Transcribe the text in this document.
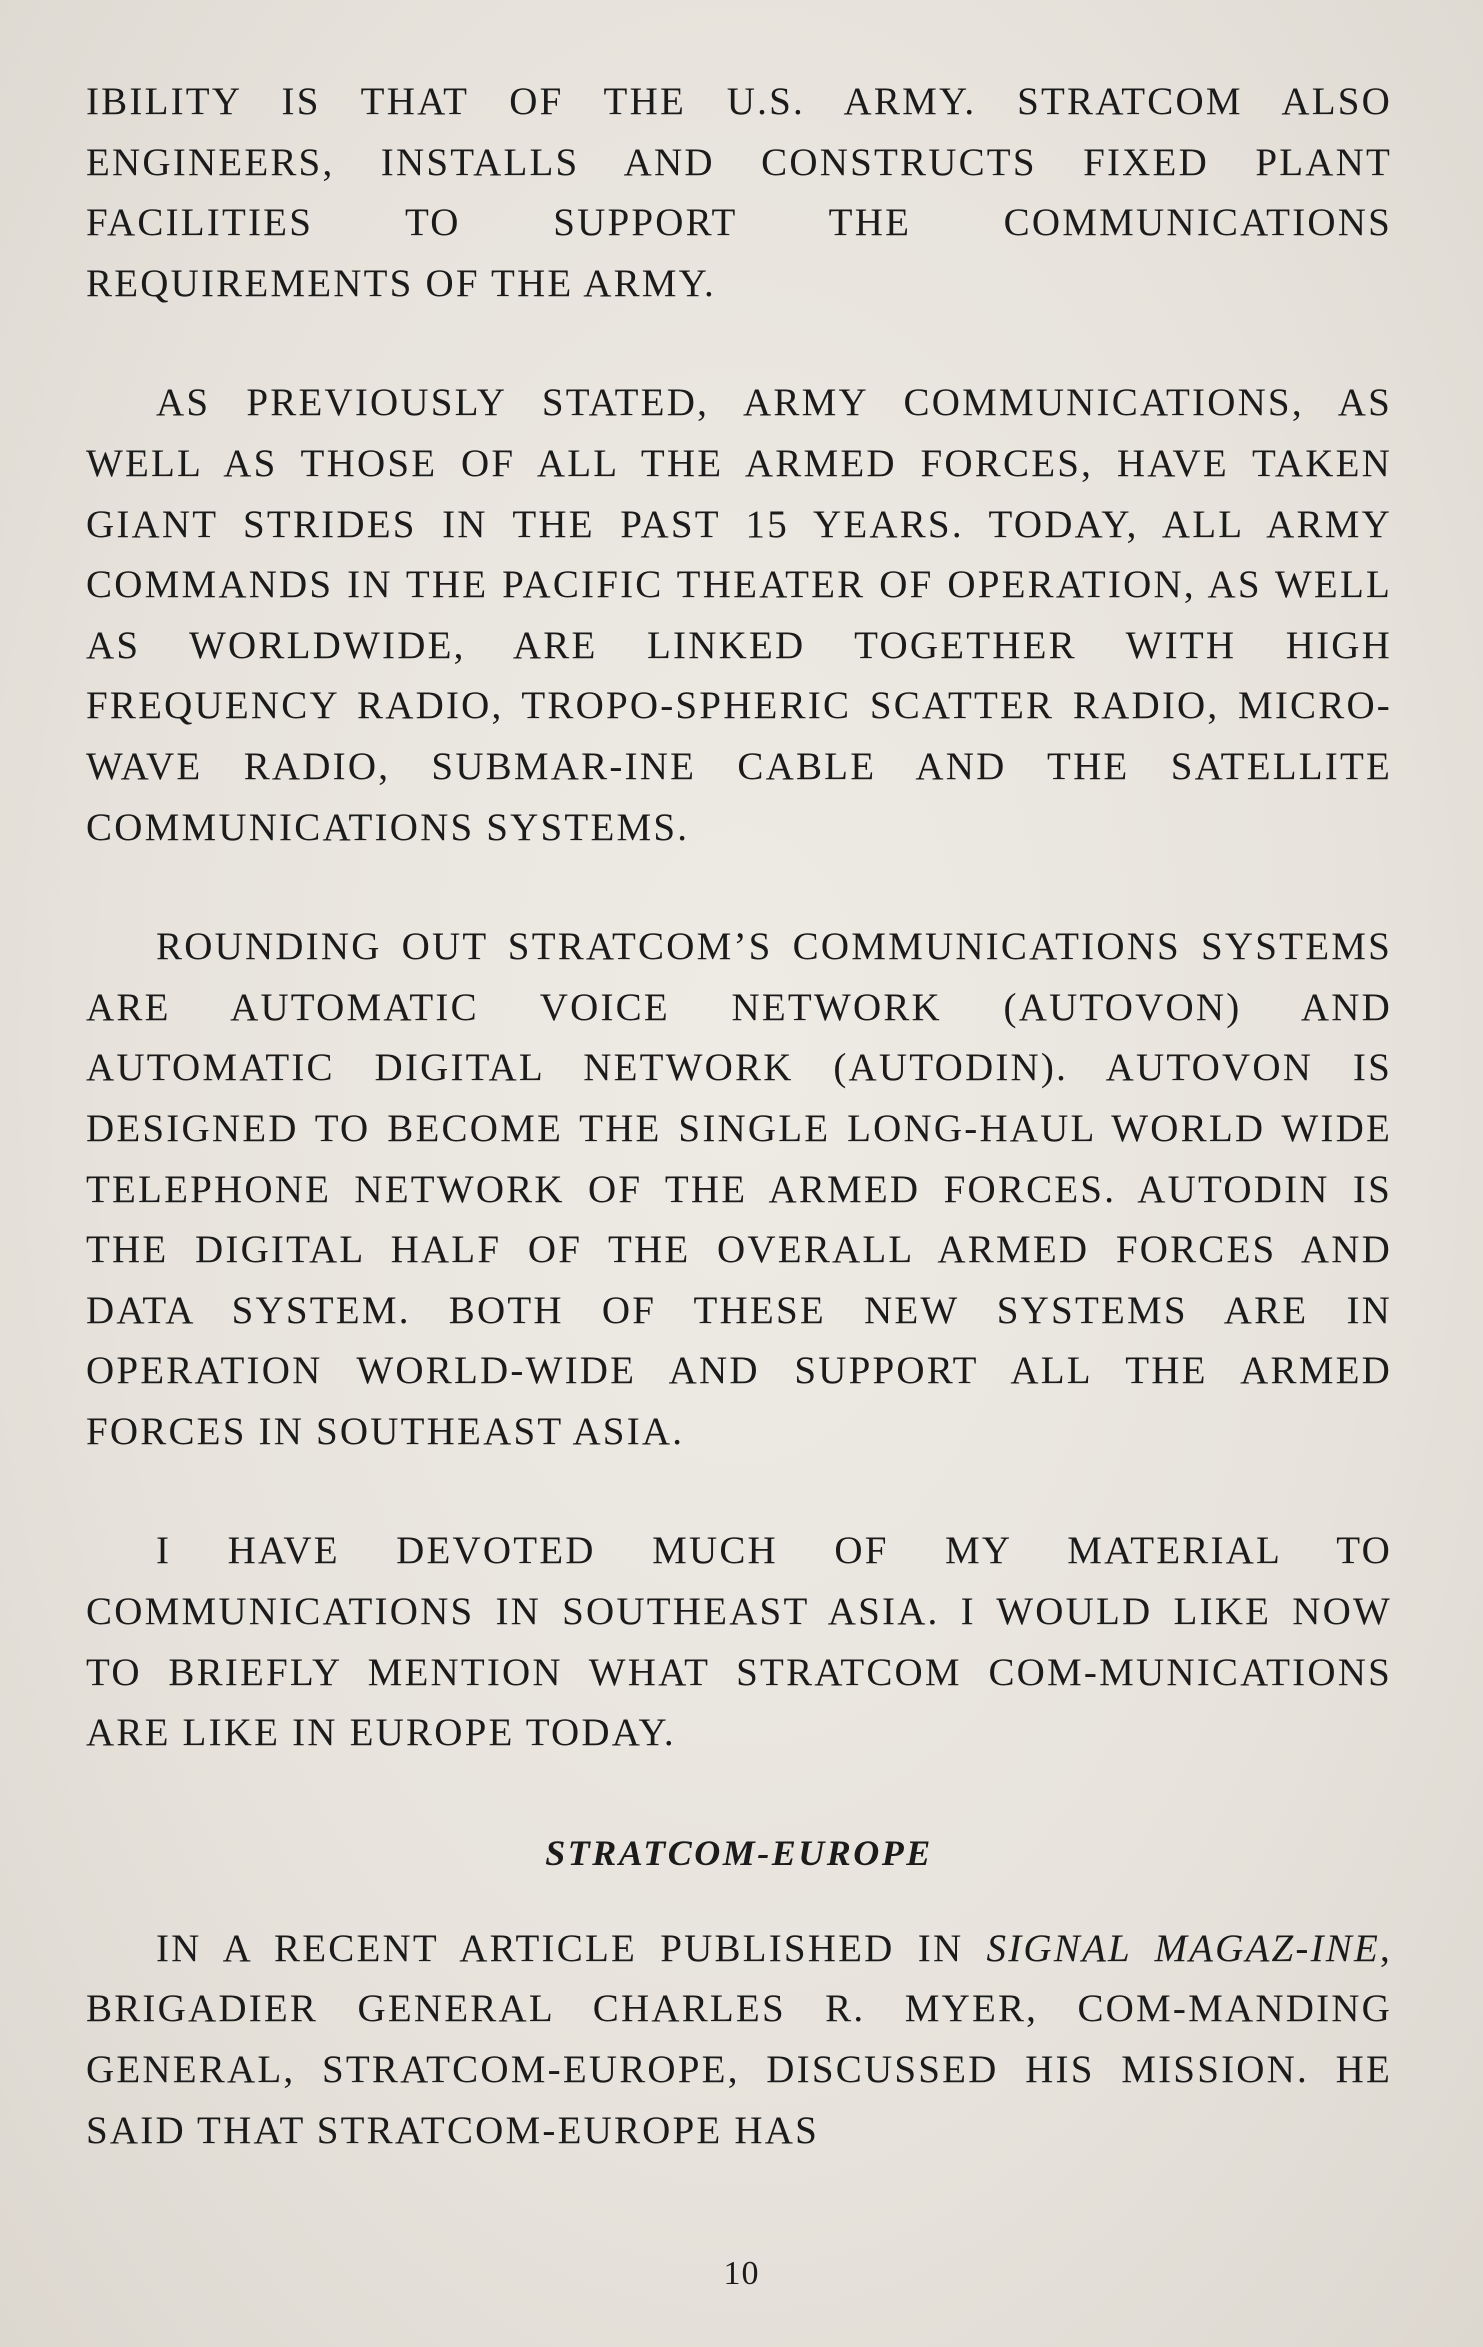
IBILITY IS THAT OF THE U.S. ARMY. STRATCOM ALSO ENGINEERS, INSTALLS AND CONSTRUCTS FIXED PLANT FACILITIES TO SUPPORT THE COMMUNICATIONS REQUIREMENTS OF THE ARMY.

AS PREVIOUSLY STATED, ARMY COMMUNICATIONS, AS WELL AS THOSE OF ALL THE ARMED FORCES, HAVE TAKEN GIANT STRIDES IN THE PAST 15 YEARS. TODAY, ALL ARMY COMMANDS IN THE PACIFIC THEATER OF OPERATION, AS WELL AS WORLDWIDE, ARE LINKED TOGETHER WITH HIGH FREQUENCY RADIO, TROPO-SPHERIC SCATTER RADIO, MICRO-WAVE RADIO, SUBMAR-INE CABLE AND THE SATELLITE COMMUNICATIONS SYSTEMS.

ROUNDING OUT STRATCOM’S COMMUNICATIONS SYSTEMS ARE AUTOMATIC VOICE NETWORK (AUTOVON) AND AUTOMATIC DIGITAL NETWORK (AUTODIN). AUTOVON IS DESIGNED TO BECOME THE SINGLE LONG-HAUL WORLD WIDE TELEPHONE NETWORK OF THE ARMED FORCES. AUTODIN IS THE DIGITAL HALF OF THE OVERALL ARMED FORCES AND DATA SYSTEM. BOTH OF THESE NEW SYSTEMS ARE IN OPERATION WORLD-WIDE AND SUPPORT ALL THE ARMED FORCES IN SOUTHEAST ASIA.

I HAVE DEVOTED MUCH OF MY MATERIAL TO COMMUNICATIONS IN SOUTHEAST ASIA. I WOULD LIKE NOW TO BRIEFLY MENTION WHAT STRATCOM COM-MUNICATIONS ARE LIKE IN EUROPE TODAY.

STRATCOM-EUROPE

IN A RECENT ARTICLE PUBLISHED IN SIGNAL MAGAZ-INE, BRIGADIER GENERAL CHARLES R. MYER, COM-MANDING GENERAL, STRATCOM-EUROPE, DISCUSSED HIS MISSION. HE SAID THAT STRATCOM-EUROPE HAS

10
